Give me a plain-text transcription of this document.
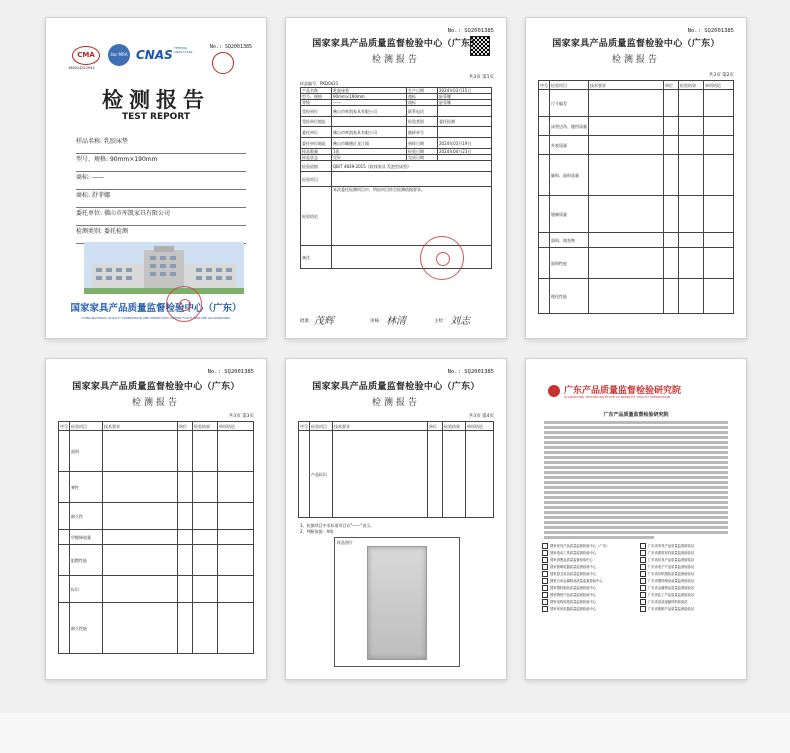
CMA
160014312944
ilac-MRA CNAS TESTING CNAS L5164
No.: SQ2001385
检测报告
TEST REPORT
样品名称: 乳胶床垫
型号、规格: 90mm×190mm
商标: ——
商标: 舒菲娜
委托单位: 佛山市库凯家具有限公司
检测类别: 委托检测
国家家具产品质量监督检验中心（广东）
CHINA NATIONAL QUALITY SUPERVISION AND INSPECTION CENTER FOR FURNITURE (GUANGDONG)
No.: SQ2001385
国家家具产品质量监督检验中心（广东）
检测报告
共3页 第1页
样品编号：PKD0421
产品名称	乳胶床垫	生产日期	2024年03月15日
型号、规格	90mm×190mm	商标	舒菲娜
等级	——	商标	舒菲娜
受检单位	佛山市库凯家具有限公司	联系电话	
受检单位地址		检验类别	委托检测
委托单位	佛山市库凯家具有限公司	抽样单号	
委托单位地址	佛山市顺德区龙江镇	到样日期	2024年03月19日
样品数量	1张	检验日期	2024年04月23日
样品状态	完好	完成日期	
检验依据	QB/T 4839-2015《软体家具 发泡型床垫》		
检验项目			
检验结论	本次委托检测项目中，所检项目符合检测依据要求。		
备注			
批准： 茂辉	审核： 林清	主检： 刘志
No.: SQ2001385
国家家具产品质量监督检验中心（广东）
检测报告
共3页 第2页
序号	检验项目	技术要求	单位	检验结果	单项结论
	尺寸偏差				
	床垫边角、缝纫质量				
	外观质量				
	辅料、面料质量				
	缝制质量				
	面料、填充物				
	面料性能				
	理化性能				
No.: SQ2001385
国家家具产品质量监督检验中心（广东）
检测报告
共3页 第3页
序号	检验项目	技术要求	单位	检验结果	单项结论
	面料				
	弹性				
	耐久性				
	甲醛释放量				
	阻燃性能				
	标识				
	耐久性能				
No.: SQ2001385
国家家具产品质量监督检验中心（广东）
检测报告
共3页 第4页
序号	检验项目	技术要求	单位	检验结果	单项结论
	产品标识				
1、检测项目中非标准项目以"——"表示。
2、判断依据：A级
样品照片
广东产品质量监督检验研究院
GUANGDONG TESTING INSTITUTE OF PRODUCT QUALITY SUPERVISION
广东产品质量监督检验研究院
国家家具产品质量监督检验中心（广东）
国家电动工具质量监督检验中心
国家消费品质量监督检验中心
国家照明电器质量监督检验中心
国家厨卫用品质量监督检验中心
国家日用金属制品质量监督检验中心
国家塑料制品质量监督检验中心
国家陶瓷产品质量监督检验中心
国家电线电缆质量监督检验中心
国家家用电器质量监督检验中心
广东省家具产品质量监督检验站
广东省建筑材料质量监督检验站
广东省玩具产品质量监督检验站
广东省电子产品质量监督检验站
广东省纺织服装质量监督检验站
广东省塑料制品质量监督检验站
广东省金属制品质量监督检验站
广东省化工产品质量监督检验站
广东省食品接触材料检验站
广东省照明产品质量监督检验站
